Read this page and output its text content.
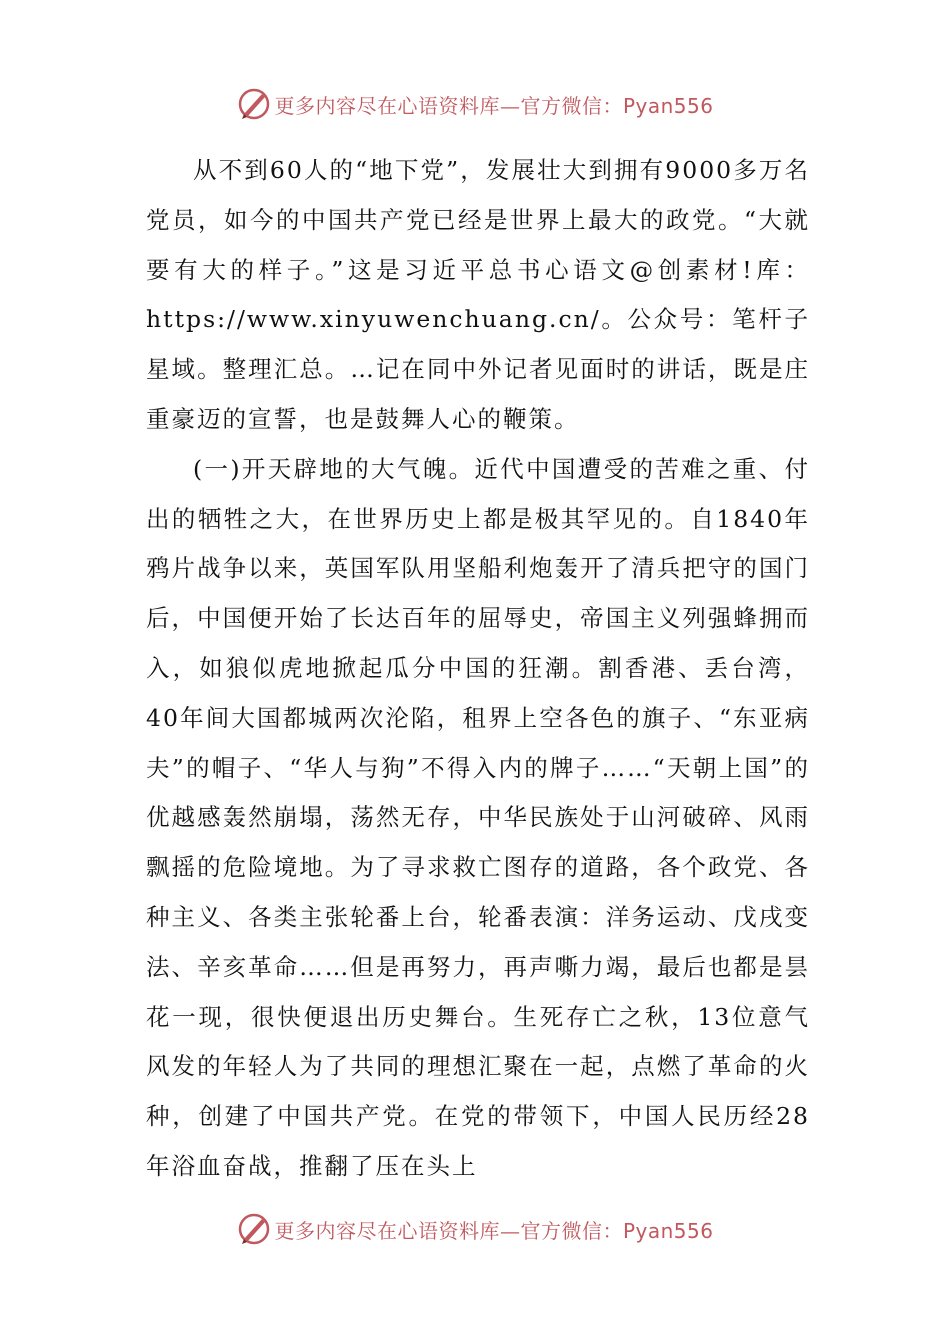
更多内容尽在心语资料库—官方微信：Pyan556

从不到60人的“地下党”，发展壮大到拥有9000多万名党员，如今的中国共产党已经是世界上最大的政党。“大就要有大的样子。”这是习近平总书心语文@创素材!库：https://www.xinyuwenchuang.cn/。公众号：笔杆子星域。整理汇总。…记在同中外记者见面时的讲话，既是庄重豪迈的宣誓，也是鼓舞人心的鞭策。

(一)开天辟地的大气魄。近代中国遭受的苦难之重、付出的牺牲之大，在世界历史上都是极其罕见的。自1840年鸦片战争以来，英国军队用坚船利炮轰开了清兵把守的国门后，中国便开始了长达百年的屈辱史，帝国主义列强蜂拥而入，如狼似虎地掀起瓜分中国的狂潮。割香港、丢台湾，40年间大国都城两次沦陷，租界上空各色的旗子、“东亚病夫”的帽子、“华人与狗”不得入内的牌子……“天朝上国”的优越感轰然崩塌，荡然无存，中华民族处于山河破碎、风雨飘摇的危险境地。为了寻求救亡图存的道路，各个政党、各种主义、各类主张轮番上台，轮番表演：洋务运动、戊戌变法、辛亥革命……但是再努力，再声嘶力竭，最后也都是昙花一现，很快便退出历史舞台。生死存亡之秋，13位意气风发的年轻人为了共同的理想汇聚在一起，点燃了革命的火种，创建了中国共产党。在党的带领下，中国人民历经28年浴血奋战，推翻了压在头上

更多内容尽在心语资料库—官方微信：Pyan556
